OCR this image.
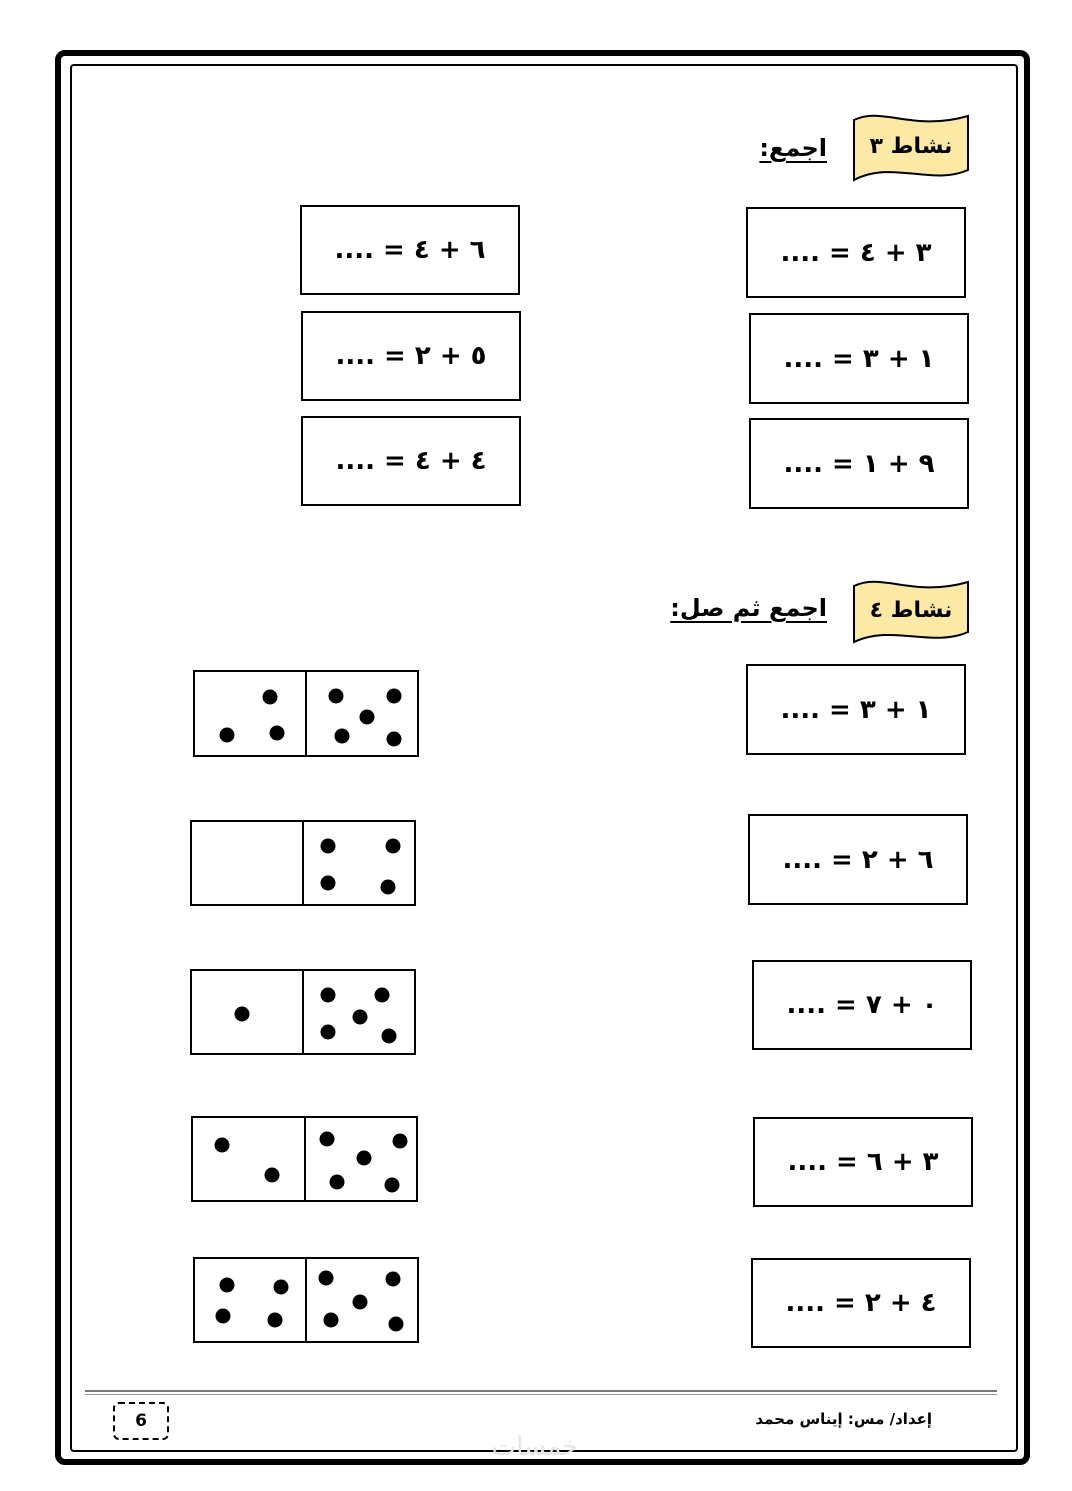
نشاط ٣
اجمع:
٣ + ٤ = ....
١ + ٣ = ....
٩ + ١ = ....
٦ + ٤ = ....
٥ + ٢ = ....
٤ + ٤ = ....
نشاط ٤
اجمع ثم صل:
١ + ٣ = ....
٦ + ٢ = ....
٠ + ٧ = ....
٣ + ٦ = ....
٤ + ٢ = ....
6	إعداد/ مس: إيناس محمد
خمسات
